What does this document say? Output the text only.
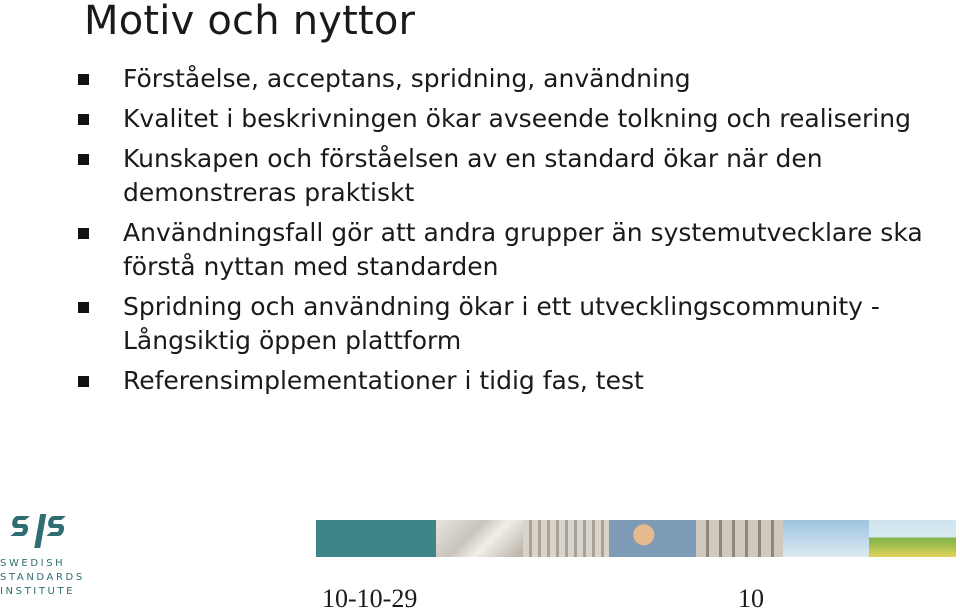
Motiv och nyttor
Förståelse, acceptans, spridning, användning
Kvalitet i beskrivningen ökar avseende tolkning och realisering
Kunskapen och förståelsen av en standard ökar när den demonstreras praktiskt
Användningsfall gör att andra grupper än systemutvecklare ska förstå nyttan med standarden
Spridning och användning ökar i ett utvecklingscommunity -Långsiktig öppen plattform
Referensimplementationer i tidig fas, test
SIS
SWEDISH
STANDARDS
INSTITUTE	10-10-29	10
